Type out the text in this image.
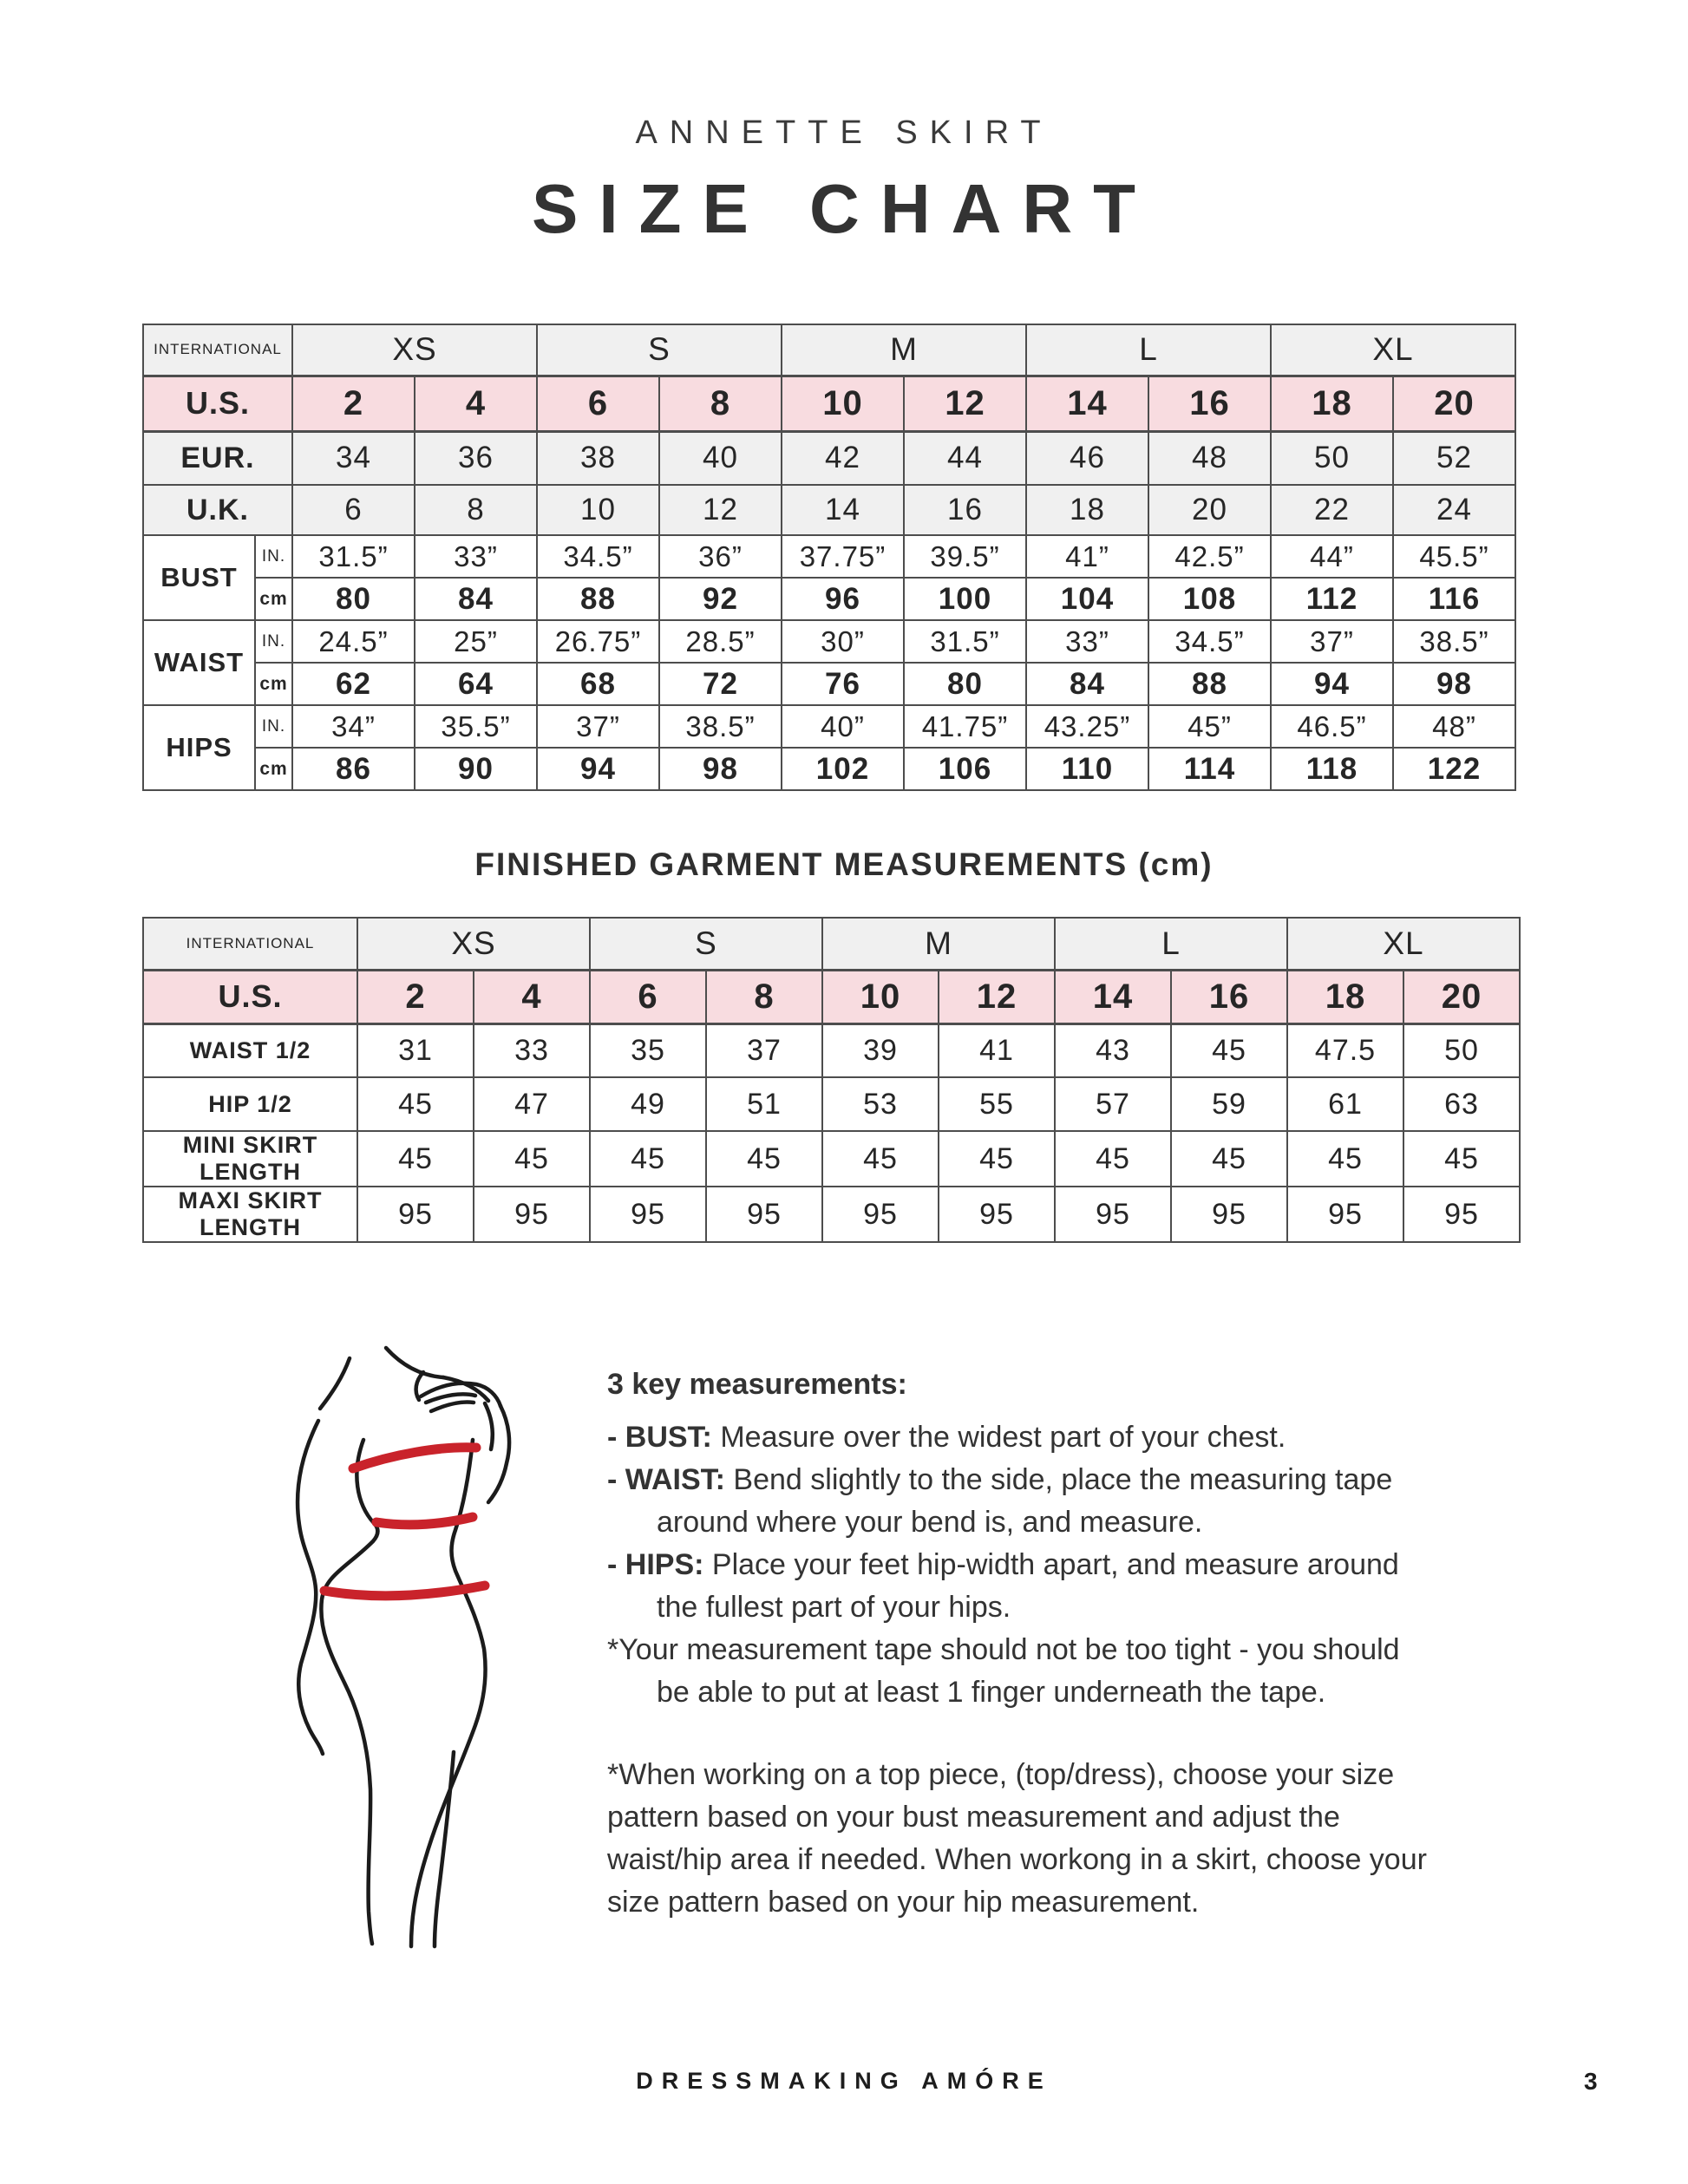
ANNETTE SKIRT
SIZE CHART
INTERNATIONAL		XS		S		M		L		XL	
U.S.		2	4	6	8	10	12	14	16	18	20
EUR.		34	36	38	40	42	44	46	48	50	52
U.K.		6	8	10	12	14	16	18	20	22	24
BUST	IN.	31.5”	33”	34.5”	36”	37.75”	39.5”	41”	42.5”	44”	45.5”
	cm	80	84	88	92	96	100	104	108	112	116
WAIST	IN.	24.5”	25”	26.75”	28.5”	30”	31.5”	33”	34.5”	37”	38.5”
	cm	62	64	68	72	76	80	84	88	94	98
HIPS	IN.	34”	35.5”	37”	38.5”	40”	41.75”	43.25”	45”	46.5”	48”
	cm	86	90	94	98	102	106	110	114	118	122
FINISHED GARMENT MEASUREMENTS (cm)
INTERNATIONAL	XS		S		M		L		XL	
U.S.	2	4	6	8	10	12	14	16	18	20
WAIST 1/2	31	33	35	37	39	41	43	45	47.5	50
HIP 1/2	45	47	49	51	53	55	57	59	61	63
MINI SKIRT LENGTH	45	45	45	45	45	45	45	45	45	45
MAXI SKIRT LENGTH	95	95	95	95	95	95	95	95	95	95
3 key measurements:
- BUST: Measure over the widest part of your chest.
- WAIST: Bend slightly to the side, place the measuring tape around where your bend is, and measure.
- HIPS: Place your feet hip-width apart, and measure around the fullest part of your hips.
*Your measurement tape should not be too tight - you should be able to put at least 1 finger underneath the tape.
*When working on a top piece, (top/dress), choose your size pattern based on your bust measurement and adjust the waist/hip area if needed. When workong in a skirt, choose your size pattern based on your hip measurement.
DRESSMAKING AMÓRE	3
